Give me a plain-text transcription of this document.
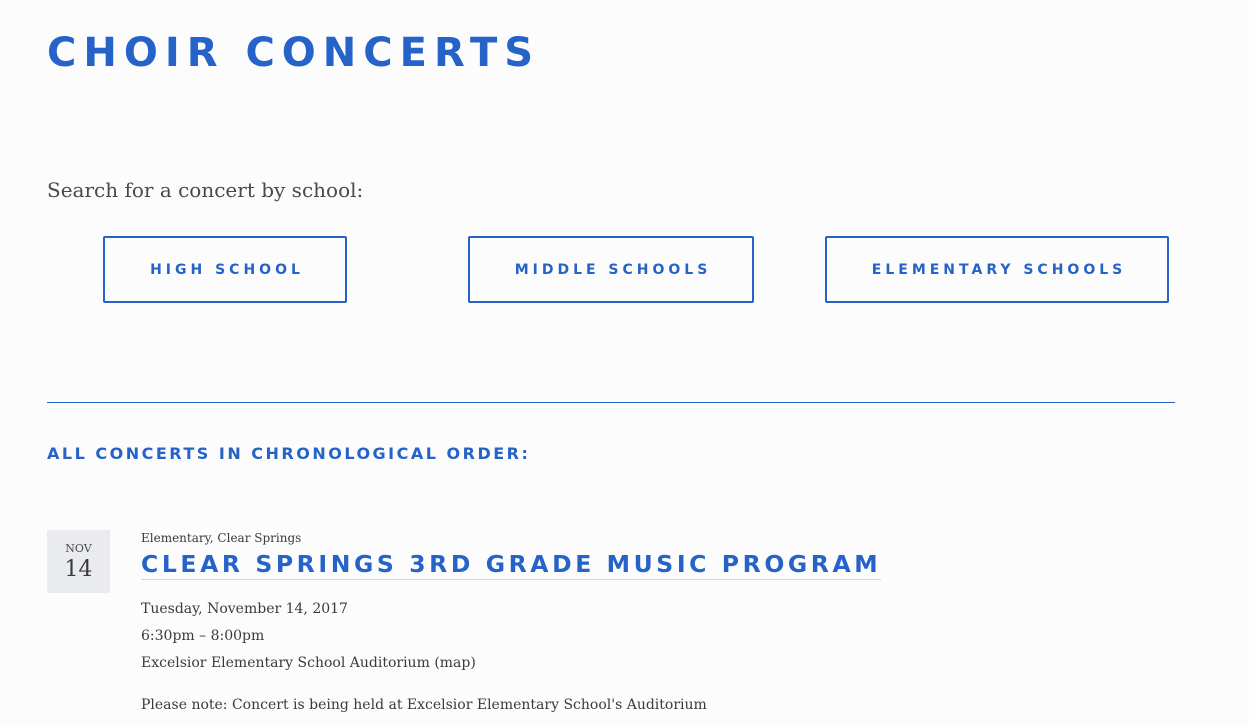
CHOIR CONCERTS

Search for a concert by school:

HIGH SCHOOL	MIDDLE SCHOOLS	ELEMENTARY SCHOOLS
ALL CONCERTS IN CHRONOLOGICAL ORDER:
NOV
14
Elementary, Clear Springs
CLEAR SPRINGS 3RD GRADE MUSIC PROGRAM
Tuesday, November 14, 2017
6:30pm – 8:00pm
Excelsior Elementary School Auditorium (map)
Please note: Concert is being held at Excelsior Elementary School's Auditorium
